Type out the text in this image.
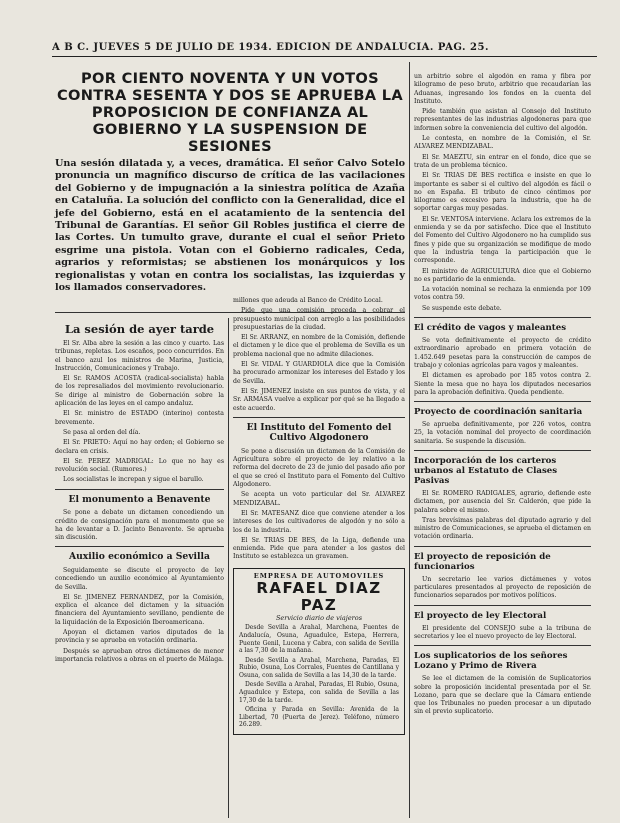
A B C. JUEVES 5 DE JULIO DE 1934. EDICION DE ANDALUCIA. PAG. 25.
POR CIENTO NOVENTA Y UN VOTOS CONTRA SESENTA Y DOS SE APRUEBA LA PROPOSICION DE CONFIANZA AL GOBIERNO Y LA SUSPENSION DE SESIONES
Una sesión dilatada y, a veces, dramática. El señor Calvo Sotelo pronuncia un magnífico discurso de crítica de las vacilaciones del Gobierno y de impugnación a la siniestra política de Azaña en Cataluña. La solución del conflicto con la Generalidad, dice el jefe del Gobierno, está en el acatamiento de la sentencia del Tribunal de Garantías. El señor Gil Robles justifica el cierre de las Cortes. Un tumulto grave, durante el cual el señor Prieto esgrime una pistola. Votan con el Gobierno radicales, Ceda, agrarios y reformistas; se abstienen los monárquicos y los regionalistas y votan en contra los socialistas, las izquierdas y los llamados conservadores.
La sesión de ayer tarde

El Sr. Alba abre la sesión a las cinco y cuarto. Las tribunas, repletas. Los escaños, poco concurridos. En el banco azul los ministros de Marina, Justicia, Instrucción, Comunicaciones y Trabajo.

El Sr. RAMOS ACOSTA (radical-socialista) habla de los represaliados del movimiento revolucionario. Se dirige al ministro de Gobernación sobre la aplicación de las leyes en el campo andaluz.

El Sr. ministro de ESTADO (interino) contesta brevemente.

Se pasa al orden del día.

El Sr. PRIETO: Aquí no hay orden; el Gobierno se declara en crisis.

El Sr. PEREZ MADRIGAL: Lo que no hay es revolución social. (Rumores.)

Los socialistas le increpan y sigue el barullo.

El monumento a Benavente

Se pone a debate un dictamen concediendo un crédito de consignación para el monumento que se ha de levantar a D. Jacinto Benavente. Se aprueba sin discusión.

Auxilio económico a Sevilla

Seguidamente se discute el proyecto de ley concediendo un auxilio económico al Ayuntamiento de Sevilla.

El Sr. JIMENEZ FERNANDEZ, por la Comisión, explica el alcance del dictamen y la situación financiera del Ayuntamiento sevillano, pendiente de la liquidación de la Exposición Iberoamericana.

Apoyan el dictamen varios diputados de la provincia y se aprueba en votación ordinaria.

Después se aprueban otros dictámenes de menor importancia relativos a obras en el puerto de Málaga.

millones que adeuda al Banco de Crédito Local.

Pide que una comisión proceda a cobrar el presupuesto municipal con arreglo a las posibilidades presupuestarias de la ciudad.

El Sr. ARRANZ, en nombre de la Comisión, defiende el dictamen y le dice que el problema de Sevilla es un problema nacional que no admite dilaciones.

El Sr. VIDAL Y GUARDIOLA dice que la Comisión ha procurado armonizar los intereses del Estado y los de Sevilla.

El Sr. JIMENEZ insiste en sus puntos de vista, y el Sr. ARMASA vuelve a explicar por qué se ha llegado a este acuerdo.

El Instituto del Fomento del Cultivo Algodonero

Se pone a discusión un dictamen de la Comisión de Agricultura sobre el proyecto de ley relativo a la reforma del decreto de 23 de junio del pasado año por el que se creó el Instituto para el Fomento del Cultivo Algodonero.

Se acepta un voto particular del Sr. ALVAREZ MENDIZABAL.

El Sr. MATESANZ dice que conviene atender a los intereses de los cultivadores de algodón y no sólo a los de la industria.

El Sr. TRIAS DE BES, de la Liga, defiende una enmienda. Pide que para atender a los gastos del Instituto se establezca un gravamen.

EMPRESA DE AUTOMOVILES
RAFAEL DIAZ PAZ
Servicio diario de viajeros

Desde Sevilla a Arahal, Marchena, Fuentes de Andalucía, Osuna, Aguadulce, Estepa, Herrera, Puente Genil, Lucena y Cabra, con salida de Sevilla a las 7,30 de la mañana.

Desde Sevilla a Arahal, Marchena, Paradas, El Rubio, Osuna, Los Corrales, Fuentes de Cantillana y Osuna, con salida de Sevilla a las 14,30 de la tarde.

Desde Sevilla a Arahal, Paradas, El Rubio, Osuna, Aguadulce y Estepa, con salida de Sevilla a las 17,30 de la tarde.

Oficina y Parada en Sevilla: Avenida de la Libertad, 70 (Puerta de Jerez). Teléfono, número 26.289.

un arbitrio sobre el algodón en rama y fibra por kilogramo de peso bruto, arbitrio que recaudarían las Aduanas, ingresando los fondos en la cuenta del Instituto.

Pide también que asistan al Consejo del Instituto representantes de las industrias algodoneras para que informen sobre la conveniencia del cultivo del algodón.

Le contesta, en nombre de la Comisión, el Sr. ALVAREZ MENDIZABAL.

El Sr. MAEZTU, sin entrar en el fondo, dice que se trata de un problema técnico.

El Sr. TRIAS DE BES rectifica e insiste en que lo importante es saber si el cultivo del algodón es fácil o no en España. El tributo de cinco céntimos por kilogramo es excesivo para la industria, que ha de soportar cargas muy pesadas.

El Sr. VENTOSA interviene. Aclara los extremos de la enmienda y se da por satisfecho. Dice que el Instituto del Fomento del Cultivo Algodonero no ha cumplido sus fines y pide que su organización se modifique de modo que la industria tenga la participación que le corresponde.

El ministro de AGRICULTURA dice que el Gobierno no es partidario de la enmienda.

La votación nominal se rechaza la enmienda por 109 votos contra 59.

Se suspende este debate.

El crédito de vagos y maleantes

Se vota definitivamente el proyecto de crédito extraordinario aprobado en primera votación de 1.452.649 pesetas para la construcción de campos de trabajo y colonias agrícolas para vagos y maleantes.

El dictamen es aprobado por 185 votos contra 2. Siente la mesa que no haya los diputados necesarios para la aprobación definitiva. Queda pendiente.

Proyecto de coordinación sanitaria

Se aprueba definitivamente, por 226 votos, contra 25, la votación nominal del proyecto de coordinación sanitaria. Se suspende la discusión.

Incorporación de los carteros urbanos al Estatuto de Clases Pasivas

El Sr. ROMERO RADIGALES, agrario, defiende este dictamen, por ausencia del Sr. Calderón, que pide la palabra sobre el mismo.

Tras brevísimas palabras del diputado agrario y del ministro de Comunicaciones, se aprueba el dictamen en votación ordinaria.

El proyecto de reposición de funcionarios

Un secretario lee varios dictámenes y votos particulares presentados al proyecto de reposición de funcionarios separados por motivos políticos.

El proyecto de ley Electoral

El presidente del CONSEJO sube a la tribuna de secretarios y lee el nuevo proyecto de ley Electoral.

Los suplicatorios de los señores Lozano y Primo de Rivera

Se lee el dictamen de la comisión de Suplicatorios sobre la proposición incidental presentada por el Sr. Lozano, para que se declare que la Cámara entiende que los Tribunales no pueden procesar a un diputado sin el previo suplicatorio.
